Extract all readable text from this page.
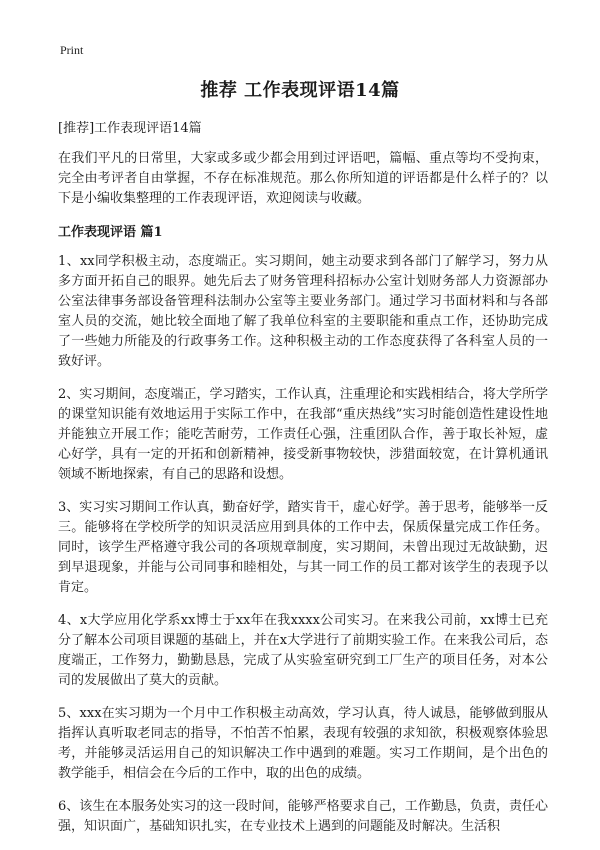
Print
推荐 工作表现评语14篇

[推荐]工作表现评语14篇

在我们平凡的日常里，大家或多或少都会用到过评语吧，篇幅、重点等均不受拘束，完全由考评者自由掌握，不存在标准规范。那么你所知道的评语都是什么样子的？以下是小编收集整理的工作表现评语，欢迎阅读与收藏。

工作表现评语 篇1

1、xx同学积极主动，态度端正。实习期间，她主动要求到各部门了解学习，努力从多方面开拓自己的眼界。她先后去了财务管理科招标办公室计划财务部人力资源部办公室法律事务部设备管理科法制办公室等主要业务部门。通过学习书面材料和与各部室人员的交流，她比较全面地了解了我单位科室的主要职能和重点工作，还协助完成了一些她力所能及的行政事务工作。这种积极主动的工作态度获得了各科室人员的一致好评。

2、实习期间，态度端正，学习踏实，工作认真，注重理论和实践相结合，将大学所学的课堂知识能有效地运用于实际工作中，在我部“重庆热线”实习时能创造性建设性地并能独立开展工作；能吃苦耐劳，工作责任心强，注重团队合作，善于取长补短，虚心好学，具有一定的开拓和创新精神，接受新事物较快，涉猎面较宽，在计算机通讯领域不断地探索，有自己的思路和设想。

3、实习实习期间工作认真，勤奋好学，踏实肯干，虚心好学。善于思考，能够举一反三。能够将在学校所学的知识灵活应用到具体的工作中去，保质保量完成工作任务。同时，该学生严格遵守我公司的各项规章制度，实习期间，未曾出现过无故缺勤，迟到早退现象，并能与公司同事和睦相处，与其一同工作的员工都对该学生的表现予以肯定。

4、x大学应用化学系xx博士于xx年在我xxxx公司实习。在来我公司前，xx博士已充分了解本公司项目课题的基础上，并在x大学进行了前期实验工作。在来我公司后，态度端正，工作努力，勤勤恳恳，完成了从实验室研究到工厂生产的项目任务，对本公司的发展做出了莫大的贡献。

5、xxx在实习期为一个月中工作积极主动高效，学习认真，待人诚恳，能够做到服从指挥认真听取老同志的指导，不怕苦不怕累，表现有较强的求知欲，积极观察体验思考，并能够灵活运用自己的知识解决工作中遇到的难题。实习工作期间，是个出色的教学能手，相信会在今后的工作中，取的出色的成绩。

6、该生在本服务处实习的这一段时间，能够严格要求自己，工作勤恳，负责，责任心强，知识面广，基础知识扎实，在专业技术上遇到的问题能及时解决。生活积
